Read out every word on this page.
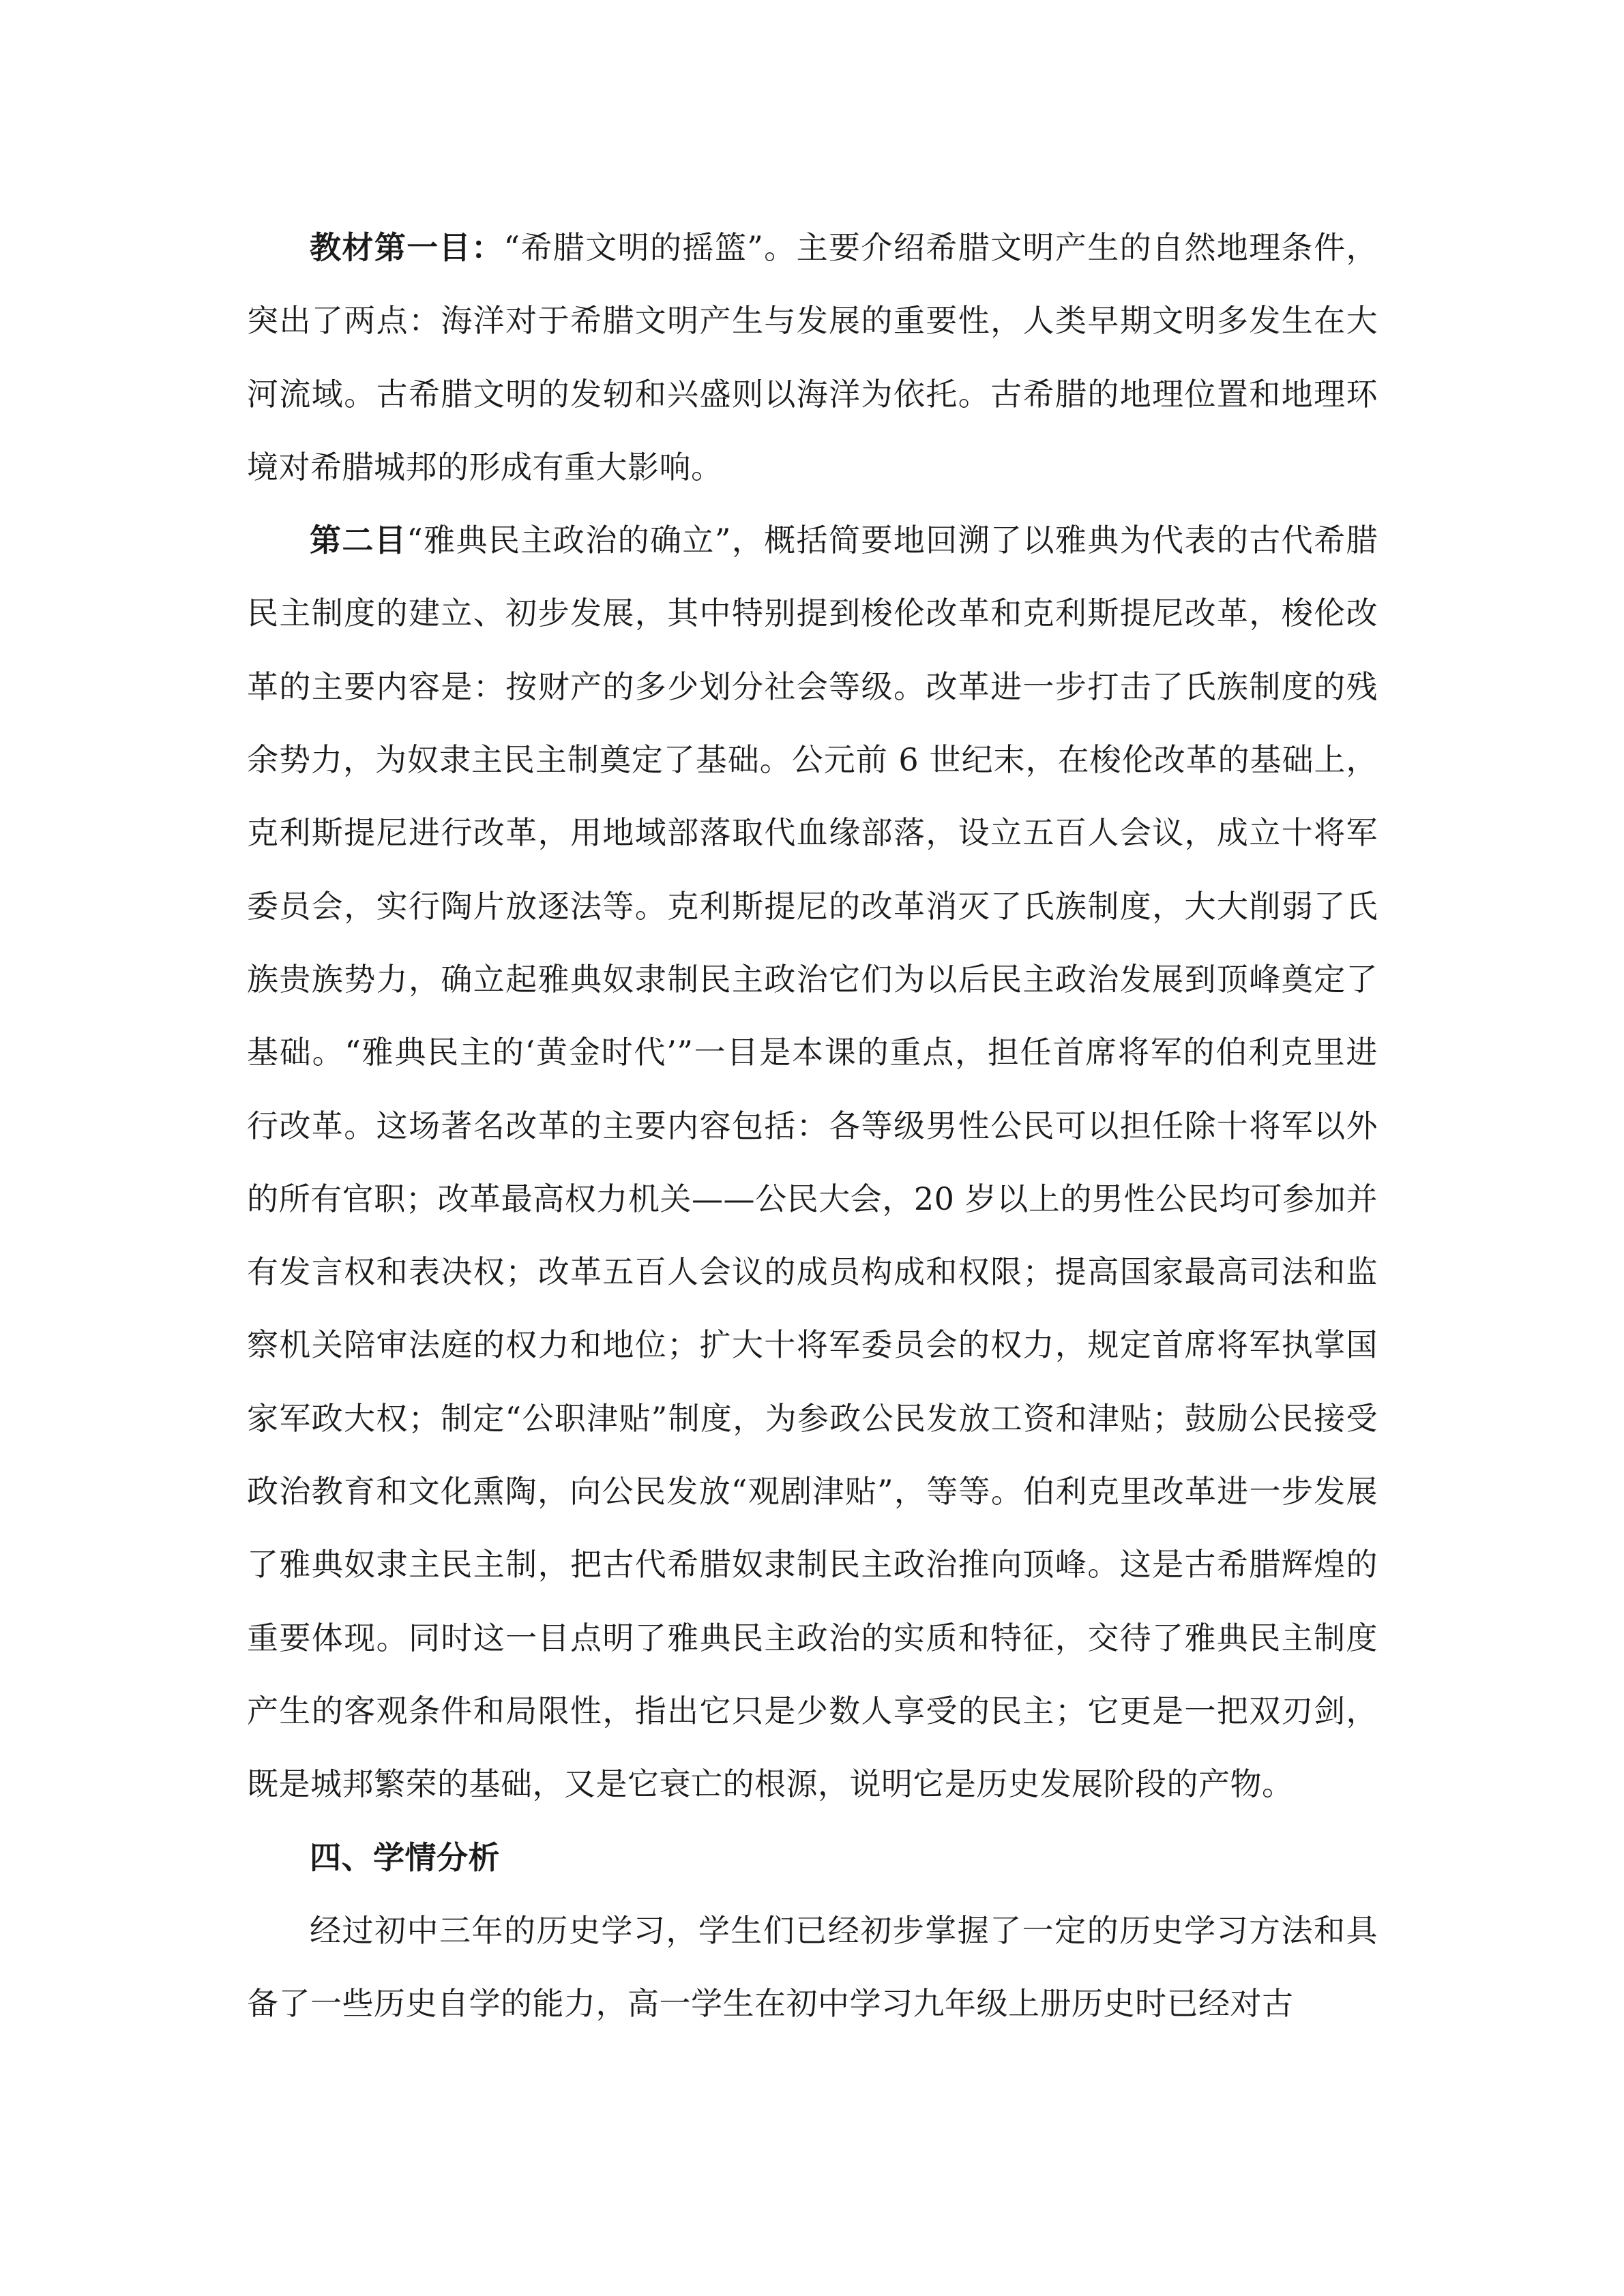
教材第一目：“希腊文明的摇篮”。主要介绍希腊文明产生的自然地理条件，突出了两点：海洋对于希腊文明产生与发展的重要性，人类早期文明多发生在大河流域。古希腊文明的发轫和兴盛则以海洋为依托。古希腊的地理位置和地理环境对希腊城邦的形成有重大影响。

第二目“雅典民主政治的确立”，概括简要地回溯了以雅典为代表的古代希腊民主制度的建立、初步发展，其中特别提到梭伦改革和克利斯提尼改革，梭伦改革的主要内容是：按财产的多少划分社会等级。改革进一步打击了氏族制度的残余势力，为奴隶主民主制奠定了基础。公元前 6 世纪末，在梭伦改革的基础上，克利斯提尼进行改革，用地域部落取代血缘部落，设立五百人会议，成立十将军委员会，实行陶片放逐法等。克利斯提尼的改革消灭了氏族制度，大大削弱了氏族贵族势力，确立起雅典奴隶制民主政治它们为以后民主政治发展到顶峰奠定了基础。“雅典民主的‘黄金时代’”一目是本课的重点，担任首席将军的伯利克里进行改革。这场著名改革的主要内容包括：各等级男性公民可以担任除十将军以外的所有官职；改革最高权力机关——公民大会，20 岁以上的男性公民均可参加并有发言权和表决权；改革五百人会议的成员构成和权限；提高国家最高司法和监察机关陪审法庭的权力和地位；扩大十将军委员会的权力，规定首席将军执掌国家军政大权；制定“公职津贴”制度，为参政公民发放工资和津贴；鼓励公民接受政治教育和文化熏陶，向公民发放“观剧津贴”，等等。伯利克里改革进一步发展了雅典奴隶主民主制，把古代希腊奴隶制民主政治推向顶峰。这是古希腊辉煌的重要体现。同时这一目点明了雅典民主政治的实质和特征，交待了雅典民主制度产生的客观条件和局限性，指出它只是少数人享受的民主；它更是一把双刃剑，既是城邦繁荣的基础，又是它衰亡的根源，说明它是历史发展阶段的产物。

四、学情分析

经过初中三年的历史学习，学生们已经初步掌握了一定的历史学习方法和具备了一些历史自学的能力，高一学生在初中学习九年级上册历史时已经对古
